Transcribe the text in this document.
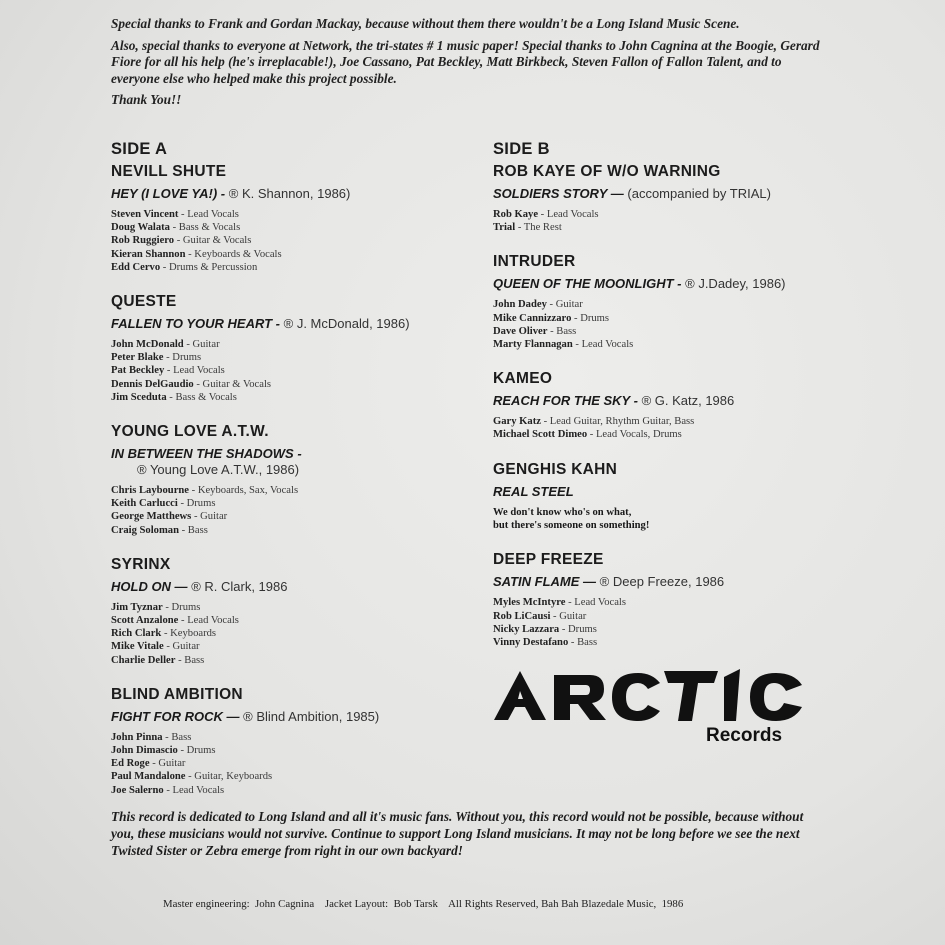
Special thanks to Frank and Gordan Mackay, because without them there wouldn't be a Long Island Music Scene.

Also, special thanks to everyone at Network, the tri-states # 1 music paper! Special thanks to John Cagnina at the Boogie, Gerard Fiore for all his help (he's irreplacable!), Joe Cassano, Pat Beckley, Matt Birkbeck, Steven Fallon of Fallon Talent, and to everyone else who helped make this project possible.

Thank You!!

SIDE A
NEVILL SHUTE
HEY (I LOVE YA!) - ® K. Shannon, 1986)
Steven Vincent - Lead Vocals
Doug Walata - Bass & Vocals
Rob Ruggiero - Guitar & Vocals
Kieran Shannon - Keyboards & Vocals
Edd Cervo - Drums & Percussion
QUESTE
FALLEN TO YOUR HEART - ® J. McDonald, 1986)
John McDonald - Guitar
Peter Blake - Drums
Pat Beckley - Lead Vocals
Dennis DelGaudio - Guitar & Vocals
Jim Sceduta - Bass & Vocals
YOUNG LOVE A.T.W.
IN BETWEEN THE SHADOWS -
® Young Love A.T.W., 1986)
Chris Laybourne - Keyboards, Sax, Vocals
Keith Carlucci - Drums
George Matthews - Guitar
Craig Soloman - Bass
SYRINX
HOLD ON — ® R. Clark, 1986
Jim Tyznar - Drums
Scott Anzalone - Lead Vocals
Rich Clark - Keyboards
Mike Vitale - Guitar
Charlie Deller - Bass
BLIND AMBITION
FIGHT FOR ROCK — ® Blind Ambition, 1985)
John Pinna - Bass
John Dimascio - Drums
Ed Roge - Guitar
Paul Mandalone - Guitar, Keyboards
Joe Salerno - Lead Vocals
SIDE B
ROB KAYE OF W/O WARNING
SOLDIERS STORY — (accompanied by TRIAL)
Rob Kaye - Lead Vocals
Trial - The Rest
INTRUDER
QUEEN OF THE MOONLIGHT - ® J.Dadey, 1986)
John Dadey - Guitar
Mike Cannizzaro - Drums
Dave Oliver - Bass
Marty Flannagan - Lead Vocals
KAMEO
REACH FOR THE SKY - ® G. Katz, 1986
Gary Katz - Lead Guitar, Rhythm Guitar, Bass
Michael Scott Dimeo - Lead Vocals, Drums
GENGHIS KAHN
REAL STEEL

We don't know who's on what,

but there's someone on something!

DEEP FREEZE
SATIN FLAME — ® Deep Freeze, 1986
Myles McIntyre - Lead Vocals
Rob LiCausi - Guitar
Nicky Lazzara - Drums
Vinny Destafano - Bass
Records

This record is dedicated to Long Island and all it's music fans. Without you, this record would not be possible, because without you, these musicians would not survive. Continue to support Long Island musicians. It may not be long before we see the next Twisted Sister or Zebra emerge from right in our own backyard!

Master engineering:  John Cagnina Jacket Layout:  Bob Tarsk All Rights Reserved, Bah Bah Blazedale Music,  1986
